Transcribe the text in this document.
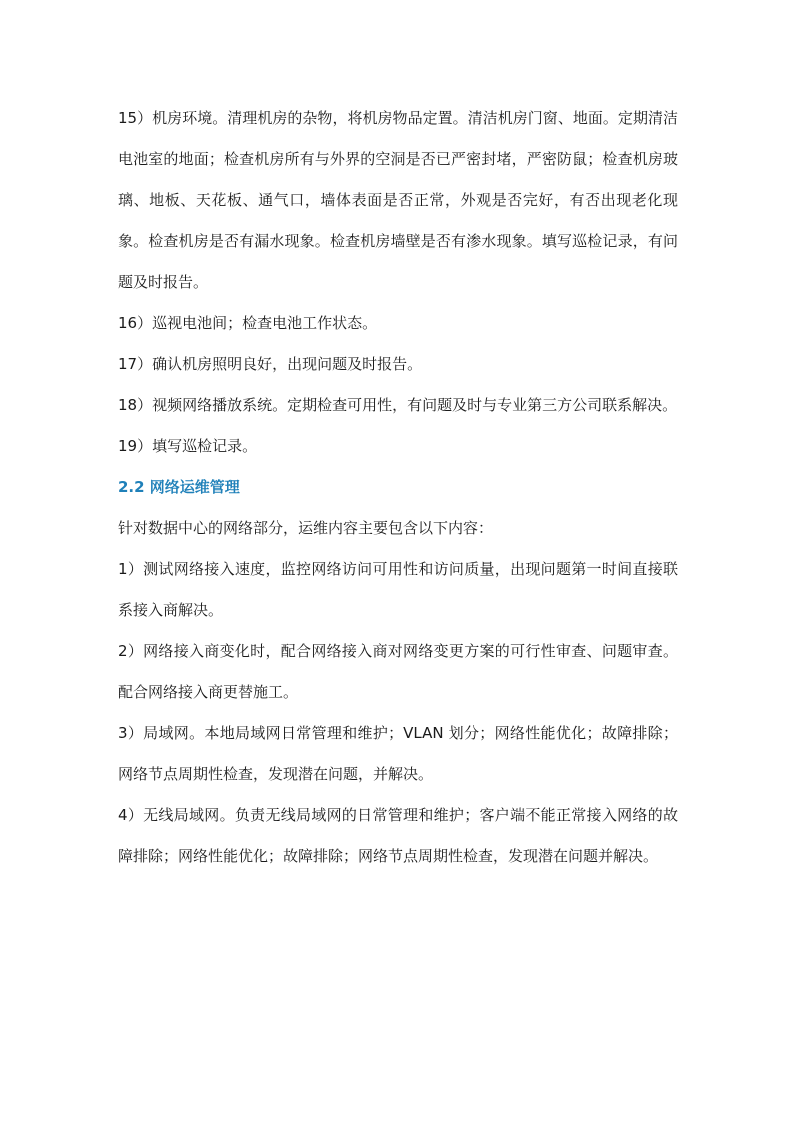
15）机房环境。清理机房的杂物，将机房物品定置。清洁机房门窗、地面。定期清洁电池室的地面；检查机房所有与外界的空洞是否已严密封堵，严密防鼠；检查机房玻璃、地板、天花板、通气口，墙体表面是否正常，外观是否完好，有否出现老化现象。检查机房是否有漏水现象。检查机房墙壁是否有渗水现象。填写巡检记录，有问题及时报告。

16）巡视电池间；检查电池工作状态。

17）确认机房照明良好，出现问题及时报告。

18）视频网络播放系统。定期检查可用性，有问题及时与专业第三方公司联系解决。

19）填写巡检记录。

2.2 网络运维管理

针对数据中心的网络部分，运维内容主要包含以下内容：

1）测试网络接入速度，监控网络访问可用性和访问质量，出现问题第一时间直接联系接入商解决。

2）网络接入商变化时，配合网络接入商对网络变更方案的可行性审查、问题审查。配合网络接入商更替施工。

3）局域网。本地局域网日常管理和维护；VLAN 划分；网络性能优化；故障排除；网络节点周期性检查，发现潜在问题，并解决。

4）无线局域网。负责无线局域网的日常管理和维护；客户端不能正常接入网络的故障排除；网络性能优化；故障排除；网络节点周期性检查，发现潜在问题并解决。
